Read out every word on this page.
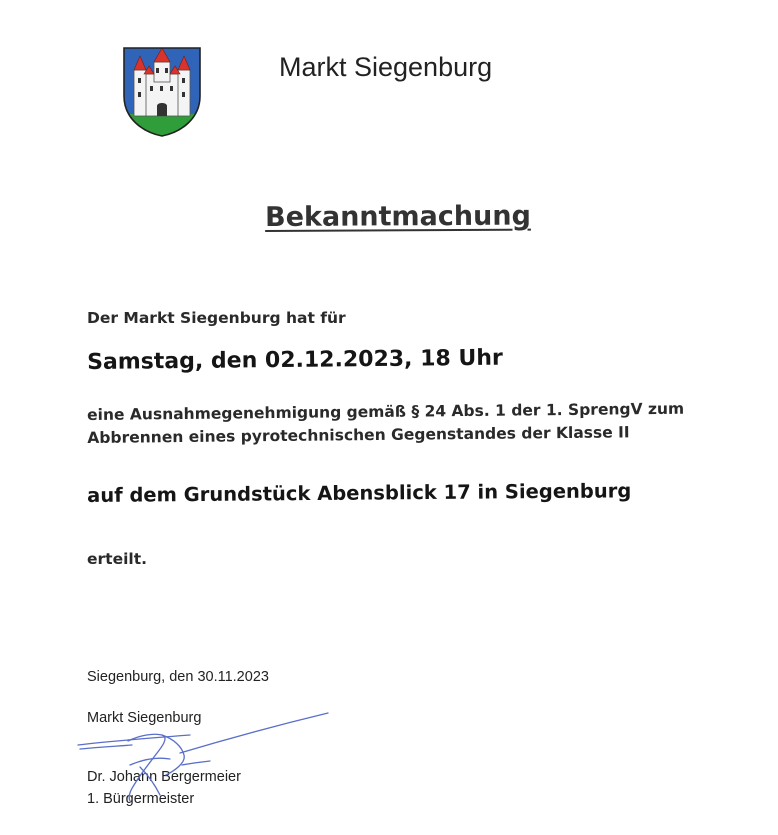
Markt Siegenburg
Bekanntmachung
Der Markt Siegenburg hat für
Samstag, den 02.12.2023, 18 Uhr
eine Ausnahmegenehmigung gemäß § 24 Abs. 1 der 1. SprengV zum
Abbrennen eines pyrotechnischen Gegenstandes der Klasse II
auf dem Grundstück Abensblick 17 in Siegenburg
erteilt.
Siegenburg, den 30.11.2023
Markt Siegenburg
Dr. Johann Bergermeier
1. Bürgermeister
